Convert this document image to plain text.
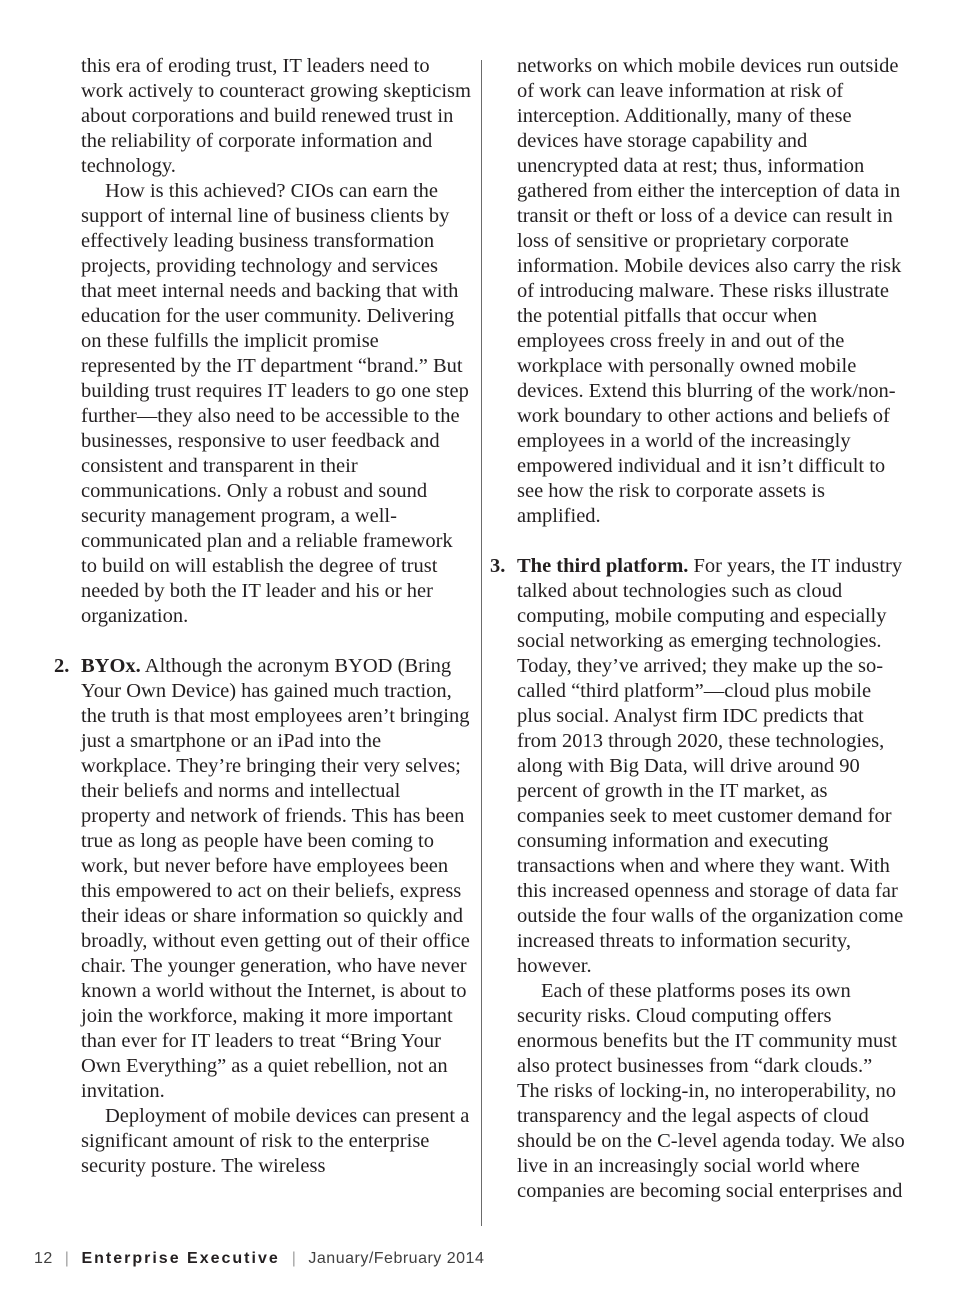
this era of eroding trust, IT leaders need to work actively to counteract growing skepticism about corporations and build renewed trust in the reliability of corporate information and technology.

How is this achieved? CIOs can earn the support of internal line of business clients by effectively leading business transformation projects, providing technology and services that meet internal needs and backing that with education for the user community. Delivering on these fulfills the implicit promise represented by the IT department “brand.” But building trust requires IT leaders to go one step further—they also need to be accessible to the businesses, responsive to user feedback and consistent and transparent in their communications. Only a robust and sound security management program, a well-communicated plan and a reliable framework to build on will establish the degree of trust needed by both the IT leader and his or her organization.

2. BYOx. Although the acronym BYOD (Bring Your Own Device) has gained much traction, the truth is that most employees aren’t bringing just a smartphone or an iPad into the workplace. They’re bringing their very selves; their beliefs and norms and intellectual property and network of friends. This has been true as long as people have been coming to work, but never before have employees been this empowered to act on their beliefs, express their ideas or share information so quickly and broadly, without even getting out of their office chair. The younger generation, who have never known a world without the Internet, is about to join the workforce, making it more important than ever for IT leaders to treat “Bring Your Own Everything” as a quiet rebellion, not an invitation.

Deployment of mobile devices can present a significant amount of risk to the enterprise security posture. The wireless

networks on which mobile devices run outside of work can leave information at risk of interception. Additionally, many of these devices have storage capability and unencrypted data at rest; thus, information gathered from either the interception of data in transit or theft or loss of a device can result in loss of sensitive or proprietary corporate information. Mobile devices also carry the risk of introducing malware. These risks illustrate the potential pitfalls that occur when employees cross freely in and out of the workplace with personally owned mobile devices. Extend this blurring of the work/non-work boundary to other actions and beliefs of employees in a world of the increasingly empowered individual and it isn’t difficult to see how the risk to corporate assets is amplified.

3. The third platform. For years, the IT industry talked about technologies such as cloud computing, mobile computing and especially social networking as emerging technologies. Today, they’ve arrived; they make up the so-called “third platform”—cloud plus mobile plus social. Analyst firm IDC predicts that from 2013 through 2020, these technologies, along with Big Data, will drive around 90 percent of growth in the IT market, as companies seek to meet customer demand for consuming information and executing transactions when and where they want. With this increased openness and storage of data far outside the four walls of the organization come increased threats to information security, however.

Each of these platforms poses its own security risks. Cloud computing offers enormous benefits but the IT community must also protect businesses from “dark clouds.” The risks of locking-in, no interoperability, no transparency and the legal aspects of cloud should be on the C-level agenda today. We also live in an increasingly social world where companies are becoming social enterprises and

12 | Enterprise Executive | January/February 2014
